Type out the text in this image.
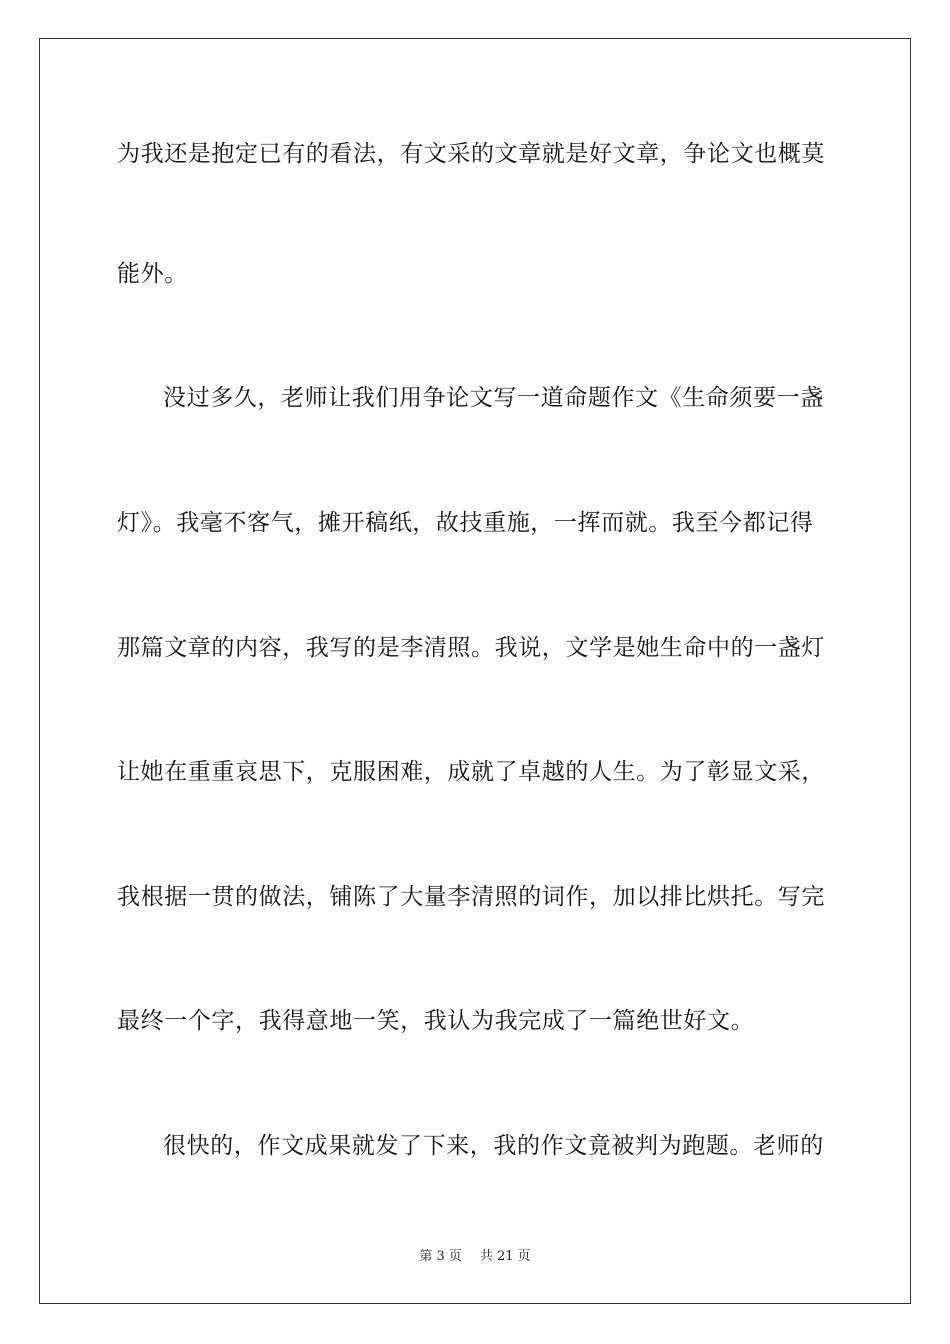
为我还是抱定已有的看法，有文采的文章就是好文章，争论文也概莫
能外。
没过多久，老师让我们用争论文写一道命题作文《生命须要一盏
灯》。我毫不客气，摊开稿纸，故技重施，一挥而就。我至今都记得
那篇文章的内容，我写的是李清照。我说，文学是她生命中的一盏灯
让她在重重哀思下，克服困难，成就了卓越的人生。为了彰显文采，
我根据一贯的做法，铺陈了大量李清照的词作，加以排比烘托。写完
最终一个字，我得意地一笑，我认为我完成了一篇绝世好文。
很快的，作文成果就发了下来，我的作文竟被判为跑题。老师的
第 3 页 共 21 页
